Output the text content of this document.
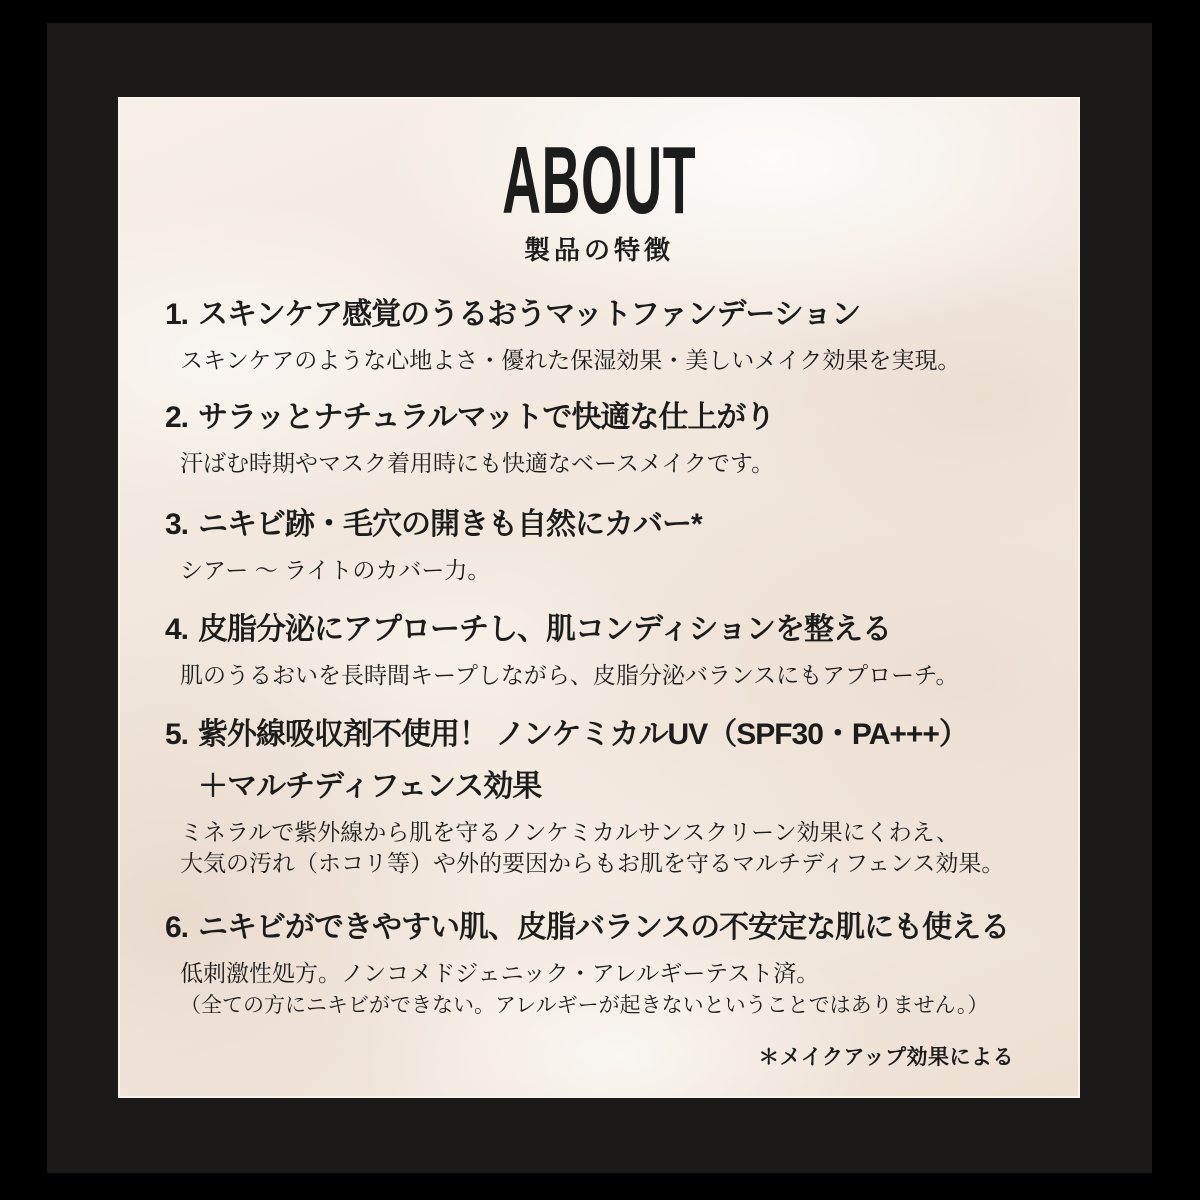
ABOUT
製品の特徴
1. スキンケア感覚のうるおうマットファンデーション
スキンケアのような心地よさ・優れた保湿効果・美しいメイク効果を実現。
2. サラッとナチュラルマットで快適な仕上がり
汗ばむ時期やマスク着用時にも快適なベースメイクです。
3. ニキビ跡・毛穴の開きも自然にカバー*
シアー ～ ライトのカバー力。
4. 皮脂分泌にアプローチし、肌コンディションを整える
肌のうるおいを長時間キープしながら、皮脂分泌バランスにもアプローチ。
5. 紫外線吸収剤不使用！ ノンケミカルUV（SPF30・PA+++）
＋マルチディフェンス効果
ミネラルで紫外線から肌を守るノンケミカルサンスクリーン効果にくわえ、
大気の汚れ（ホコリ等）や外的要因からもお肌を守るマルチディフェンス効果。
6. ニキビができやすい肌、皮脂バランスの不安定な肌にも使える
低刺激性処方。ノンコメドジェニック・アレルギーテスト済。
（全ての方にニキビができない。アレルギーが起きないということではありません。）
＊メイクアップ効果による
